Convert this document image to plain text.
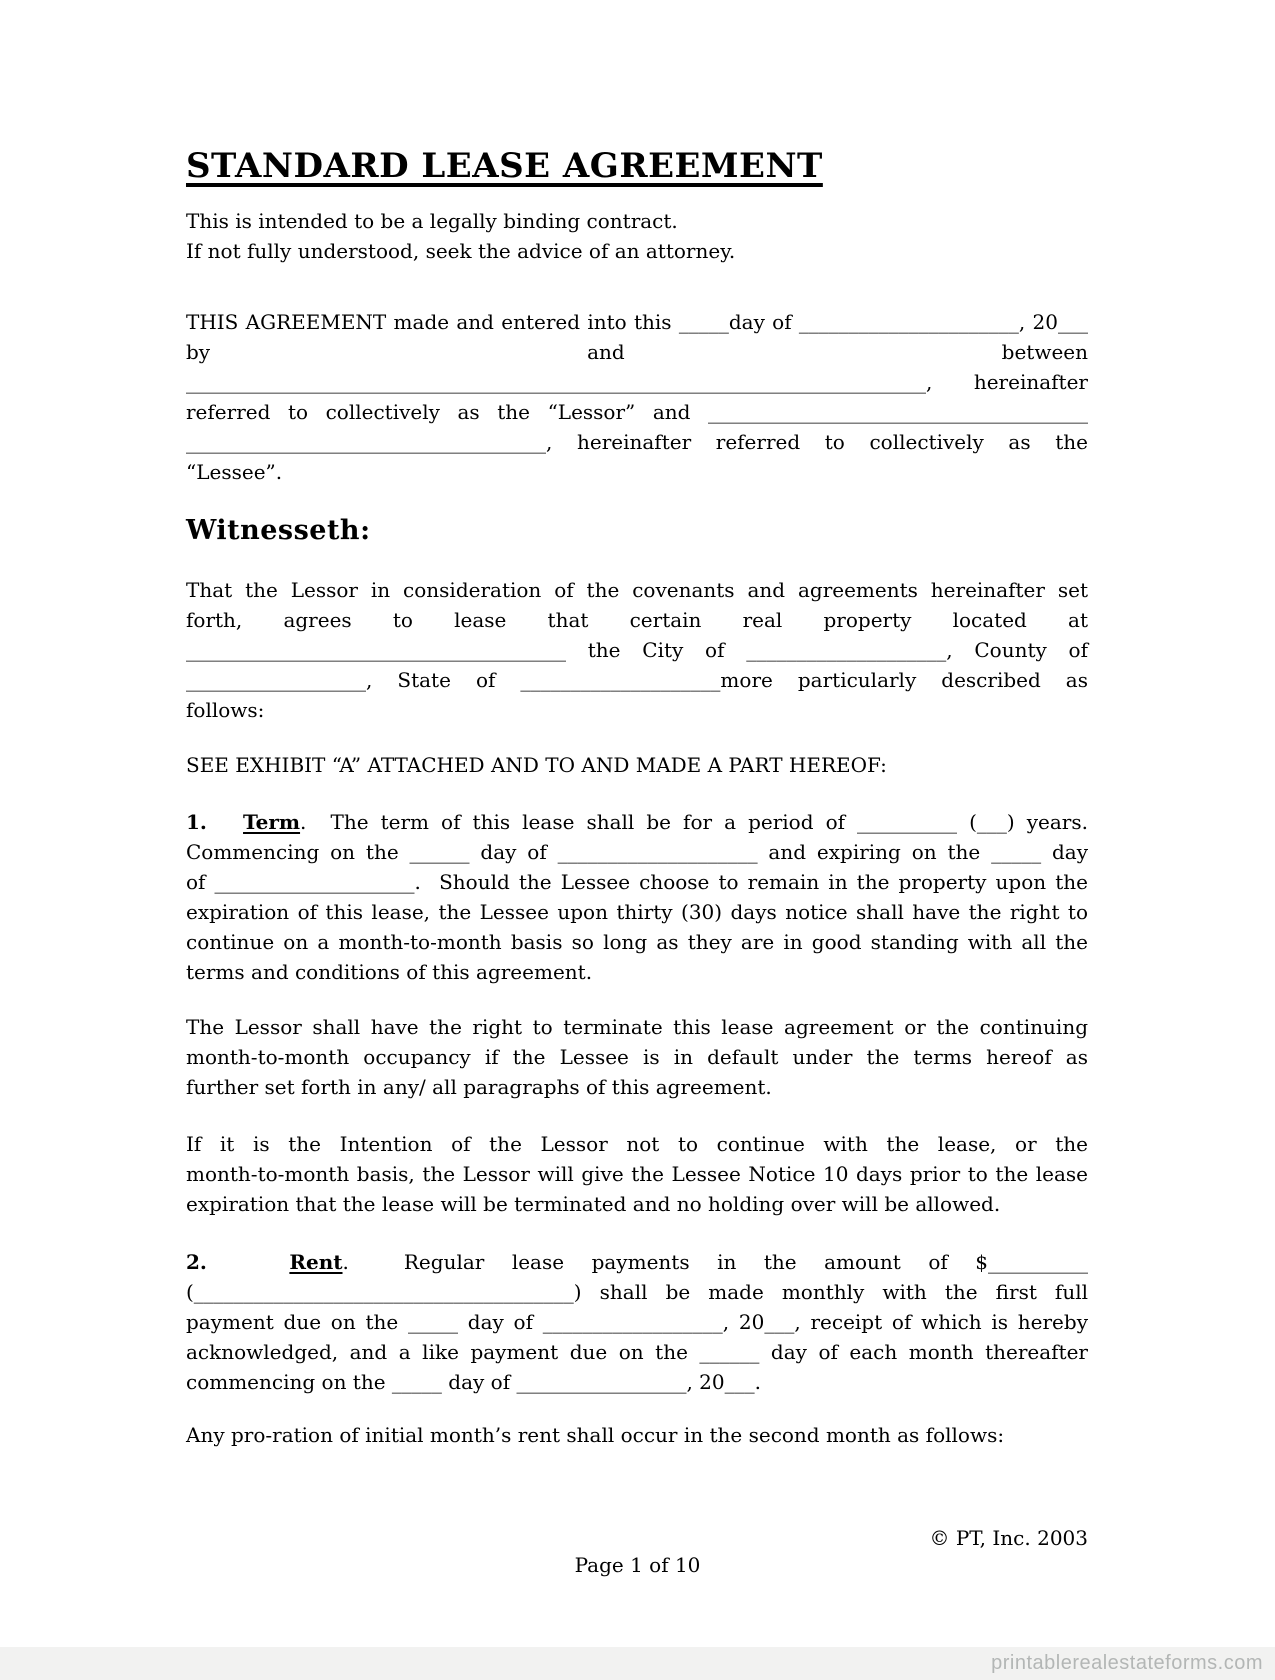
STANDARD LEASE AGREEMENT
This is intended to be a legally binding contract.
If not fully understood, seek the advice of an attorney.
THIS AGREEMENT made and entered into this _____day of ______________________, 20___
by and between
__________________________________________________________________________, hereinafter
referred to collectively as the “Lessor” and ______________________________________
____________________________________, hereinafter referred to collectively as the
“Lessee”.
Witnesseth:
That the Lessor in consideration of the covenants and agreements hereinafter set
forth, agrees to lease that certain real property located at
______________________________________ the City of ____________________, County of
__________________, State of ____________________more particularly described as
follows:
SEE EXHIBIT “A” ATTACHED AND TO AND MADE A PART HEREOF:
1. Term.  The term of this lease shall be for a period of __________ (___) years.
Commencing on the ______ day of ____________________ and expiring on the _____ day
of ____________________.  Should the Lessee choose to remain in the property upon the
expiration of this lease, the Lessee upon thirty (30) days notice shall have the right to
continue on a month-to-month basis so long as they are in good standing with all the
terms and conditions of this agreement.
The Lessor shall have the right to terminate this lease agreement or the continuing
month-to-month occupancy if the Lessee is in default under the terms hereof as
further set forth in any/ all paragraphs of this agreement.
If it is the Intention of the Lessor not to continue with the lease, or the
month-to-month basis, the Lessor will give the Lessee Notice 10 days prior to the lease
expiration that the lease will be terminated and no holding over will be allowed.
2.	Rent.  Regular lease payments in the amount of $__________
(______________________________________) shall be made monthly with the first full
payment due on the _____ day of __________________, 20___, receipt of which is hereby
acknowledged, and a like payment due on the ______ day of each month thereafter
commencing on the _____ day of _________________, 20___.
Any pro-ration of initial month’s rent shall occur in the second month as follows:
© PT, Inc. 2003
Page 1 of 10
printablerealestateforms.com
